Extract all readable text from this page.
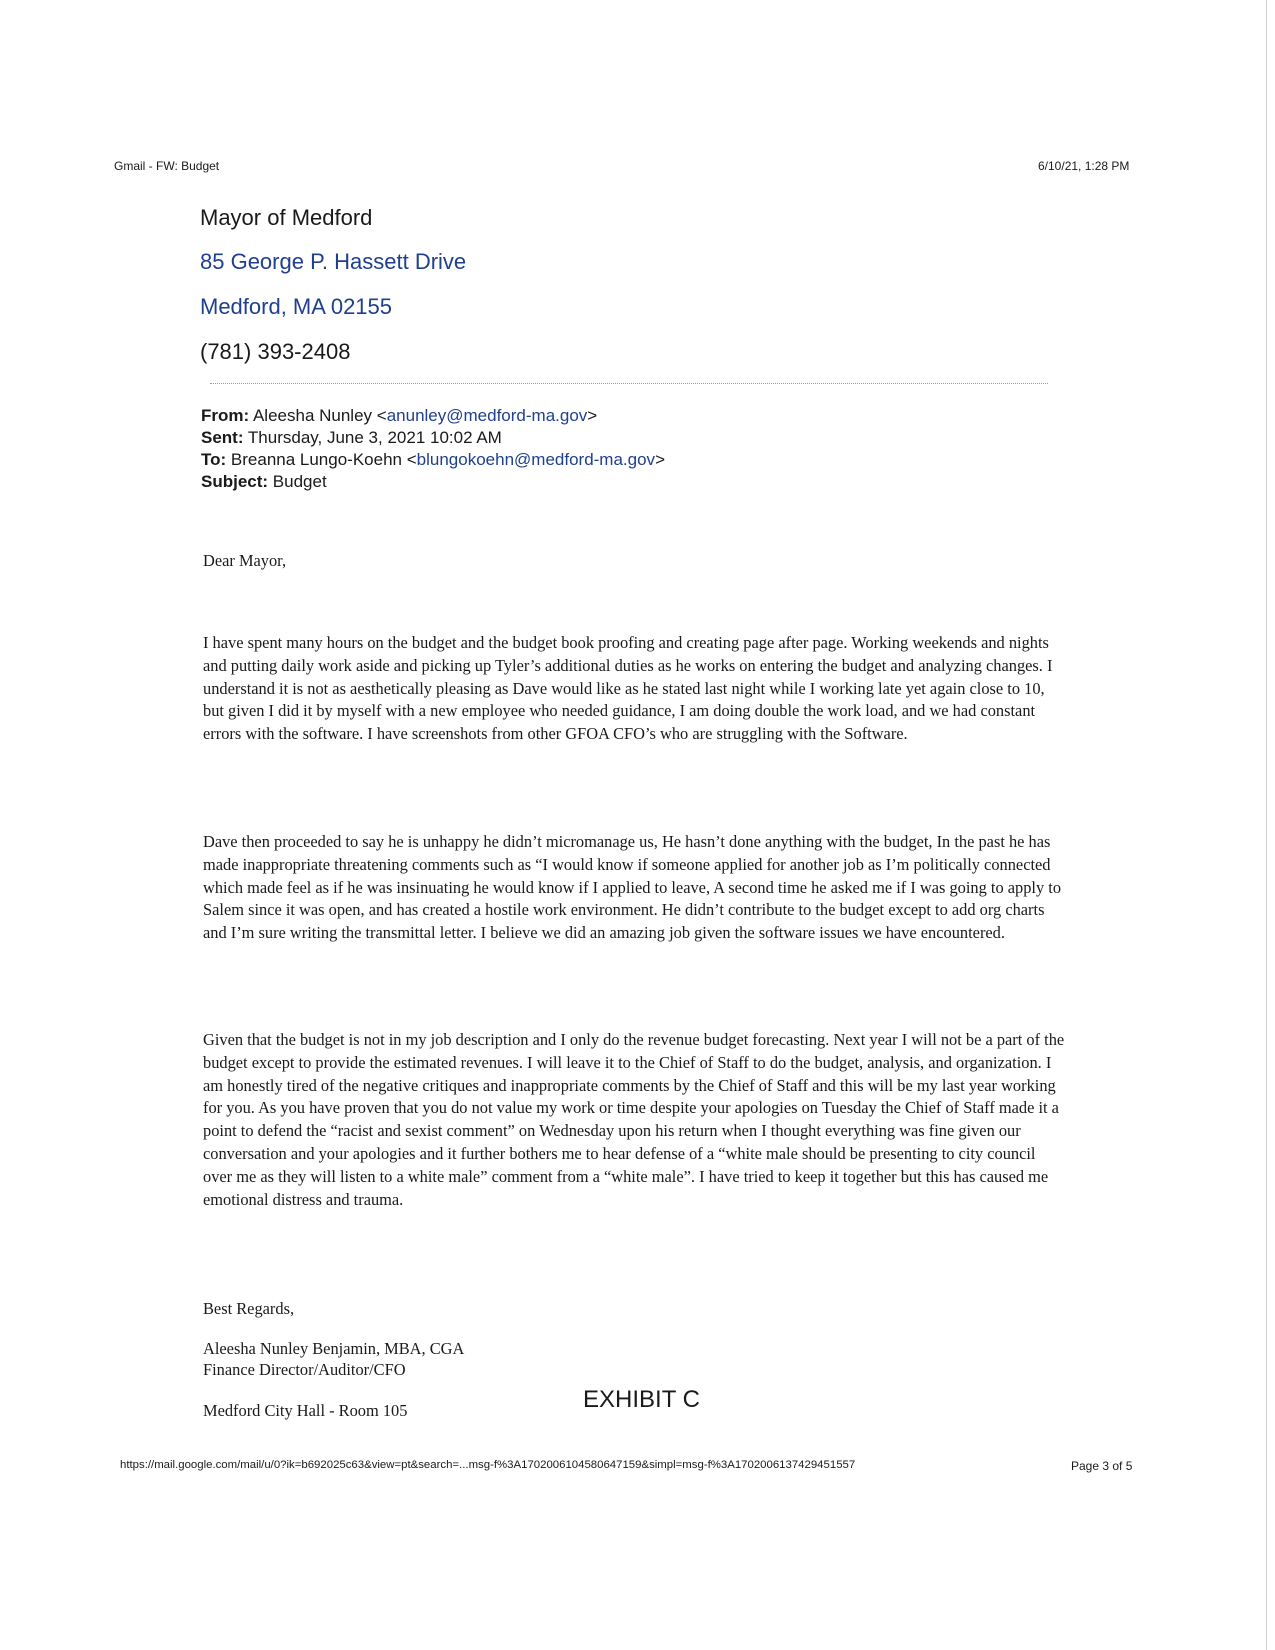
Gmail - FW: Budget	6/10/21, 1:28 PM
Mayor of Medford
85 George P. Hassett Drive
Medford, MA 02155
(781) 393-2408
From: Aleesha Nunley <anunley@medford-ma.gov>
Sent: Thursday, June 3, 2021 10:02 AM
To: Breanna Lungo-Koehn <blungokoehn@medford-ma.gov>
Subject: Budget
Dear Mayor,
I have spent many hours on the budget and the budget book proofing and creating page after page. Working weekends and nights and putting daily work aside and picking up Tyler’s additional duties as he works on entering the budget and analyzing changes. I understand it is not as aesthetically pleasing as Dave would like as he stated last night while I working late yet again close to 10, but given I did it by myself with a new employee who needed guidance, I am doing double the work load, and we had constant errors with the software. I have screenshots from other GFOA CFO’s who are struggling with the Software.
Dave then proceeded to say he is unhappy he didn’t micromanage us, He hasn’t done anything with the budget, In the past he has made inappropriate threatening comments such as “I would know if someone applied for another job as I’m politically connected which made feel as if he was insinuating he would know if I applied to leave, A second time he asked me if I was going to apply to Salem since it was open, and has created a hostile work environment. He didn’t contribute to the budget except to add org charts and I’m sure writing the transmittal letter. I believe we did an amazing job given the software issues we have encountered.
Given that the budget is not in my job description and I only do the revenue budget forecasting. Next year I will not be a part of the budget except to provide the estimated revenues. I will leave it to the Chief of Staff to do the budget, analysis, and organization. I am honestly tired of the negative critiques and inappropriate comments by the Chief of Staff and this will be my last year working for you. As you have proven that you do not value my work or time despite your apologies on Tuesday the Chief of Staff made it a point to defend the “racist and sexist comment” on Wednesday upon his return when I thought everything was fine given our conversation and your apologies and it further bothers me to hear defense of a “white male should be presenting to city council over me as they will listen to a white male” comment from a “white male”. I have tried to keep it together but this has caused me emotional distress and trauma.
Best Regards,
Aleesha Nunley Benjamin, MBA, CGA
Finance Director/Auditor/CFO
Medford City Hall - Room 105	EXHIBIT C
https://mail.google.com/mail/u/0?ik=b692025c63&view=pt&search=...msg-f%3A1702006104580647159&simpl=msg-f%3A1702006137429451557	Page 3 of 5
